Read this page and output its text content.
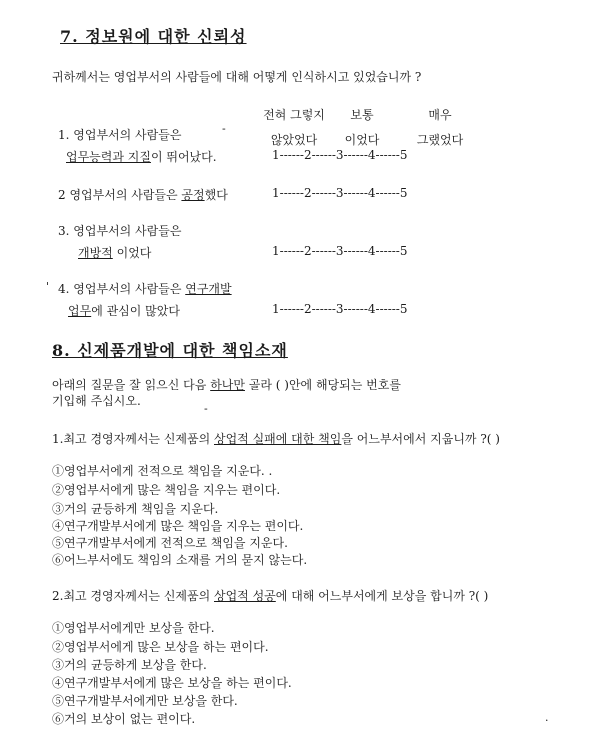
7. 정보원에 대한 신뢰성
귀하께서는 영업부서의 사람들에 대해 어떻게 인식하시고 있었습니까 ?
전혀 그렇지
않았었다
보통
이었다
매우
그랬었다
-
1. 영업부서의 사람들은
업무능력과 지질이 뛰어났다.	1------2------3------4------5
2 영업부서의 사람들은 공정했다	1------2------3------4------5
3. 영업부서의 사람들은
개방적 이었다	1------2------3------4------5
' 4. 영업부서의 사람들은 연구개발
업무에 관심이 많았다	1------2------3------4------5
8. 신제품개발에 대한 책임소재
아래의 질문을 잘 읽으신 다음 하나만 골라 ( )안에 해당되는 번호를
기입해 주십시오.
-
1.최고 경영자께서는 신제품의 상업적 실패에 대한 책임을 어느부서에서 지웁니까 ?( )
①영업부서에게 전적으로 책임을 지운다. .
②영업부서에게 많은 책임을 지우는 편이다.
③거의 균등하게 책임을 지운다.
④연구개발부서에게 많은 책임을 지우는 편이다.
⑤연구개발부서에게 전적으로 책임을 지운다.
⑥어느부서에도 책임의 소재를 거의 묻지 않는다.
2.최고 경영자께서는 신제품의 상업적 성공에 대해 어느부서에게 보상을 합니까 ?( )
①영업부서에게만 보상을 한다.
②영업부서에게 많은 보상을 하는 편이다.
③거의 균등하게 보상을 한다.
④연구개발부서에게 많은 보상을 하는 편이다.
⑤연구개발부서에게만 보상을 한다.
⑥거의 보상이 없는 편이다.	·
